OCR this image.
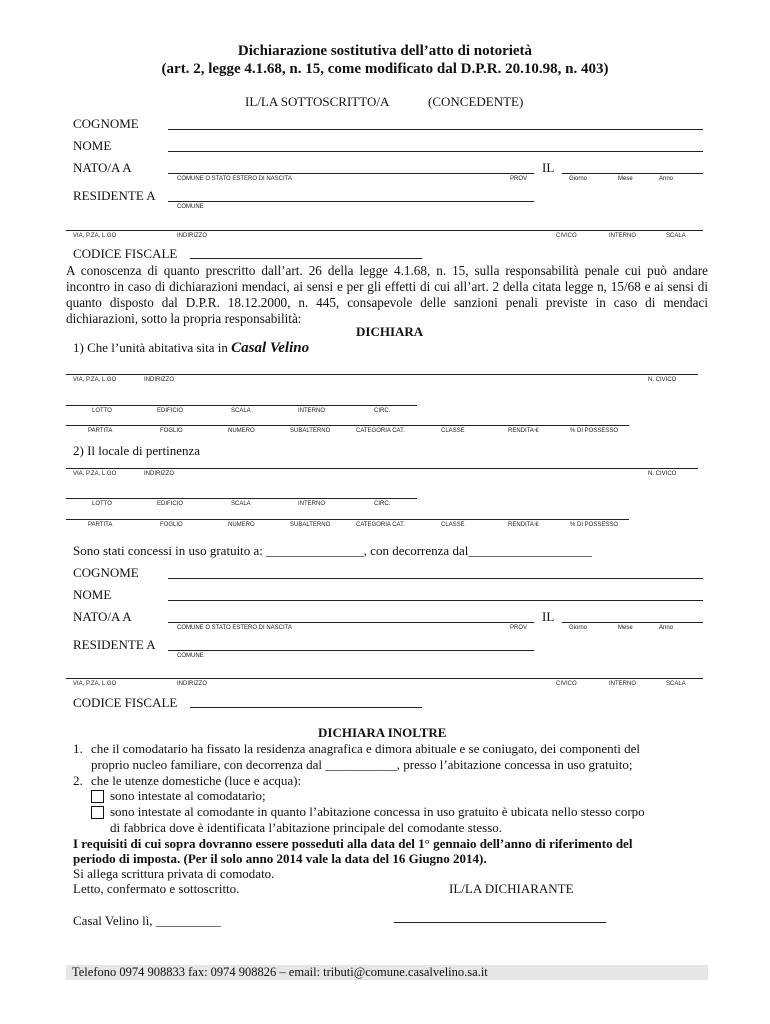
Dichiarazione sostitutiva dell’atto di notorietà
(art. 2, legge 4.1.68, n. 15, come modificato dal D.P.R. 20.10.98, n. 403)
IL/LA SOTTOSCRITTO/A	(CONCEDENTE)
COGNOME
NOME
NATO/A A	IL
COMUNE O STATO ESTERO DI NASCITA	PROV	Giorno	Mese	Anno
RESIDENTE A
COMUNE
VIA, P.ZA, L.GO	INDIRIZZO	CIVICO	INTERNO	SCALA
CODICE FISCALE
A conoscenza di quanto prescritto dall’art. 26 della legge 4.1.68, n. 15, sulla responsabilità penale cui può andare incontro in caso di dichiarazioni mendaci, ai sensi e per gli effetti di cui all’art. 2 della citata legge n, 15/68 e ai sensi di quanto disposto dal D.P.R. 18.12.2000, n. 445, consapevole delle sanzioni penali previste in caso di mendaci dichiarazioni, sotto la propria responsabilità:
DICHIARA
1) Che l’unità abitativa sita in Casal Velino
VIA, P.ZA, L.GO	INDIRIZZO	N. CIVICO
LOTTO	EDIFICIO	SCALA	INTERNO	CIRC.
PARTITA	FOGLIO	NUMERO	SUBALTERNO	CATEGORIA CAT.	CLASSE	RENDITA €	% DI POSSESSO
2) Il locale di pertinenza
VIA, P.ZA, L.GO	INDIRIZZO	N. CIVICO
LOTTO	EDIFICIO	SCALA	INTERNO	CIRC.
PARTITA	FOGLIO	NUMERO	SUBALTERNO	CATEGORIA CAT.	CLASSE	RENDITA €	% DI POSSESSO
Sono stati concessi in uso gratuito a: _______________, con decorrenza dal___________________
COGNOME
NOME
NATO/A A	IL
COMUNE O STATO ESTERO DI NASCITA	PROV	Giorno	Mese	Anno
RESIDENTE A
COMUNE
VIA, P.ZA, L.GO	INDIRIZZO	CIVICO	INTERNO	SCALA
CODICE FISCALE
DICHIARA INOLTRE
1. che il comodatario ha fissato la residenza anagrafica e dimora abituale e se coniugato, dei componenti del
proprio nucleo familiare, con decorrenza dal ___________, presso l’abitazione concessa in uso gratuito;
2. che le utenze domestiche (luce e acqua):
sono intestate al comodatario;
sono intestate al comodante in quanto l’abitazione concessa in uso gratuito è ubicata nello stesso corpo
di fabbrica dove è identificata l’abitazione principale del comodante stesso.
I requisiti di cui sopra dovranno essere posseduti alla data del 1° gennaio dell’anno di riferimento del
periodo di imposta. (Per il solo anno 2014 vale la data del 16 Giugno 2014).
Si allega scrittura privata di comodato.
Letto, confermato e sottoscritto.	IL/LA DICHIARANTE
Casal Velino lì, __________
Telefono 0974 908833 fax: 0974 908826 – email: tributi@comune.casalvelino.sa.it
